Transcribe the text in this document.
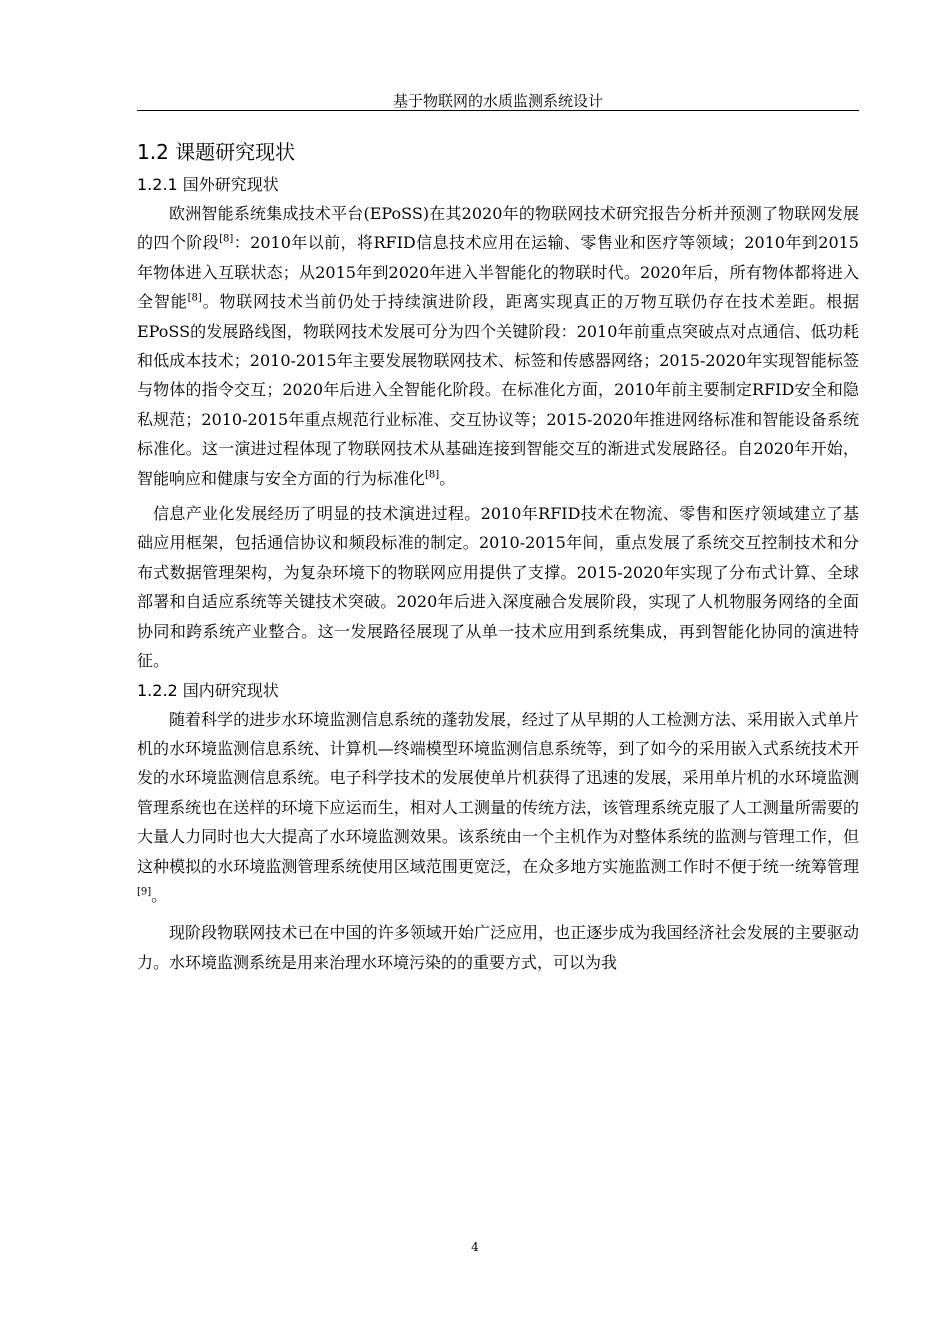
基于物联网的水质监测系统设计
1.2 课题研究现状
1.2.1 国外研究现状

欧洲智能系统集成技术平台(EPoSS)在其2020年的物联网技术研究报告分析并预测了物联网发展的四个阶段[8]：2010年以前，将RFID信息技术应用在运输、零售业和医疗等领域；2010年到2015年物体进入互联状态；从2015年到2020年进入半智能化的物联时代。2020年后，所有物体都将进入全智能[8]。物联网技术当前仍处于持续演进阶段，距离实现真正的万物互联仍存在技术差距。根据EPoSS的发展路线图，物联网技术发展可分为四个关键阶段：2010年前重点突破点对点通信、低功耗和低成本技术；2010-2015年主要发展物联网技术、标签和传感器网络；2015-2020年实现智能标签与物体的指令交互；2020年后进入全智能化阶段。在标准化方面，2010年前主要制定RFID安全和隐私规范；2010-2015年重点规范行业标准、交互协议等；2015-2020年推进网络标准和智能设备系统标准化。这一演进过程体现了物联网技术从基础连接到智能交互的渐进式发展路径。自2020年开始，智能响应和健康与安全方面的行为标准化[8]。

信息产业化发展经历了明显的技术演进过程。2010年RFID技术在物流、零售和医疗领域建立了基础应用框架，包括通信协议和频段标准的制定。2010-2015年间，重点发展了系统交互控制技术和分布式数据管理架构，为复杂环境下的物联网应用提供了支撑。2015-2020年实现了分布式计算、全球部署和自适应系统等关键技术突破。2020年后进入深度融合发展阶段，实现了人机物服务网络的全面协同和跨系统产业整合。这一发展路径展现了从单一技术应用到系统集成，再到智能化协同的演进特征。

1.2.2 国内研究现状

随着科学的进步水环境监测信息系统的蓬勃发展，经过了从早期的人工检测方法、采用嵌入式单片机的水环境监测信息系统、计算机—终端模型环境监测信息系统等，到了如今的采用嵌入式系统技术开发的水环境监测信息系统。电子科学技术的发展使单片机获得了迅速的发展，采用单片机的水环境监测管理系统也在送样的环境下应运而生，相对人工测量的传统方法，该管理系统克服了人工测量所需要的大量人力同时也大大提高了水环境监测效果。该系统由一个主机作为对整体系统的监测与管理工作，但这种模拟的水环境监测管理系统使用区域范围更宽泛，在众多地方实施监测工作时不便于统一统筹管理[9]。

现阶段物联网技术已在中国的许多领域开始广泛应用，也正逐步成为我国经济社会发展的主要驱动力。水环境监测系统是用来治理水环境污染的的重要方式，可以为我

4
